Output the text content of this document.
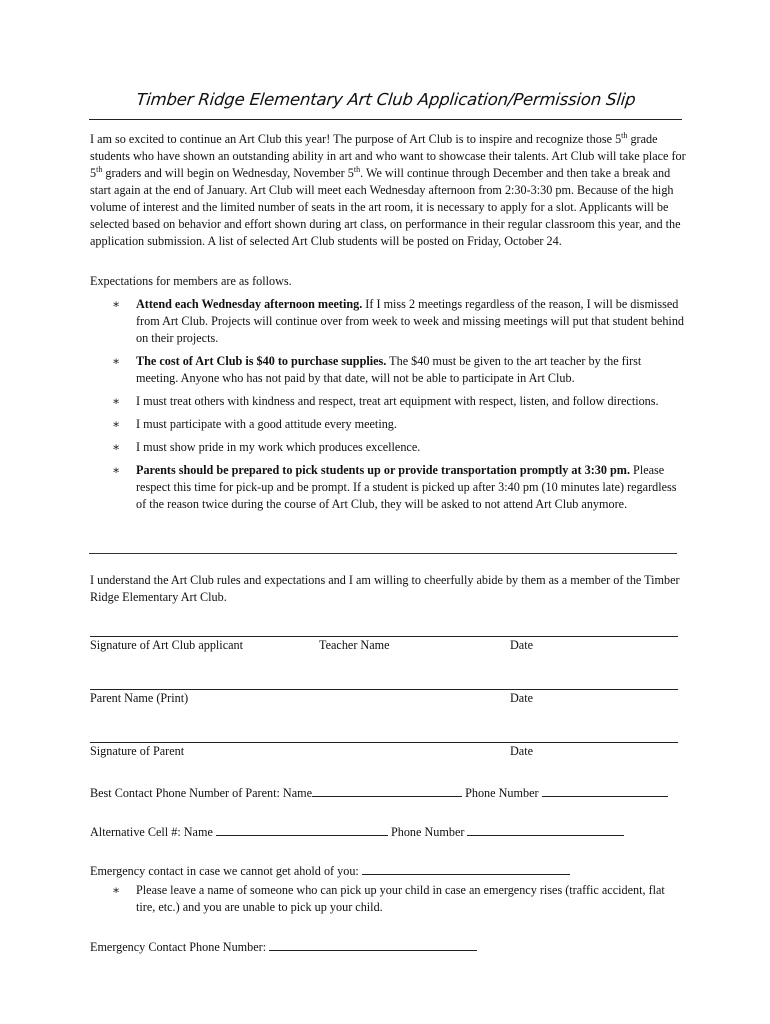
Timber Ridge Elementary Art Club Application/Permission Slip

I am so excited to continue an Art Club this year! The purpose of Art Club is to inspire and recognize those 5th grade students who have shown an outstanding ability in art and who want to showcase their talents. Art Club will take place for 5th graders and will begin on Wednesday, November 5th. We will continue through December and then take a break and start again at the end of January. Art Club will meet each Wednesday afternoon from 2:30-3:30 pm. Because of the high volume of interest and the limited number of seats in the art room, it is necessary to apply for a slot. Applicants will be selected based on behavior and effort shown during art class, on performance in their regular classroom this year, and the application submission. A list of selected Art Club students will be posted on Friday, October 24.

Expectations for members are as follows.

∗ Attend each Wednesday afternoon meeting. If I miss 2 meetings regardless of the reason, I will be dismissed from Art Club. Projects will continue over from week to week and missing meetings will put that student behind on their projects.
∗ The cost of Art Club is $40 to purchase supplies. The $40 must be given to the art teacher by the first meeting. Anyone who has not paid by that date, will not be able to participate in Art Club.
∗ I must treat others with kindness and respect, treat art equipment with respect, listen, and follow directions.
∗ I must participate with a good attitude every meeting.
∗ I must show pride in my work which produces excellence.
∗ Parents should be prepared to pick students up or provide transportation promptly at 3:30 pm. Please respect this time for pick-up and be prompt. If a student is picked up after 3:40 pm (10 minutes late) regardless of the reason twice during the course of Art Club, they will be asked to not attend Art Club anymore.

I understand the Art Club rules and expectations and I am willing to cheerfully abide by them as a member of the Timber Ridge Elementary Art Club.

Signature of Art Club applicant	Teacher Name	Date
Parent Name (Print)	Date
Signature of Parent	Date
Best Contact Phone Number of Parent: Name	Phone Number
Alternative Cell #: Name	Phone Number
Emergency contact in case we cannot get ahold of you:
∗ Please leave a name of someone who can pick up your child in case an emergency rises (traffic accident, flat tire, etc.) and you are unable to pick up your child.
Emergency Contact Phone Number:
